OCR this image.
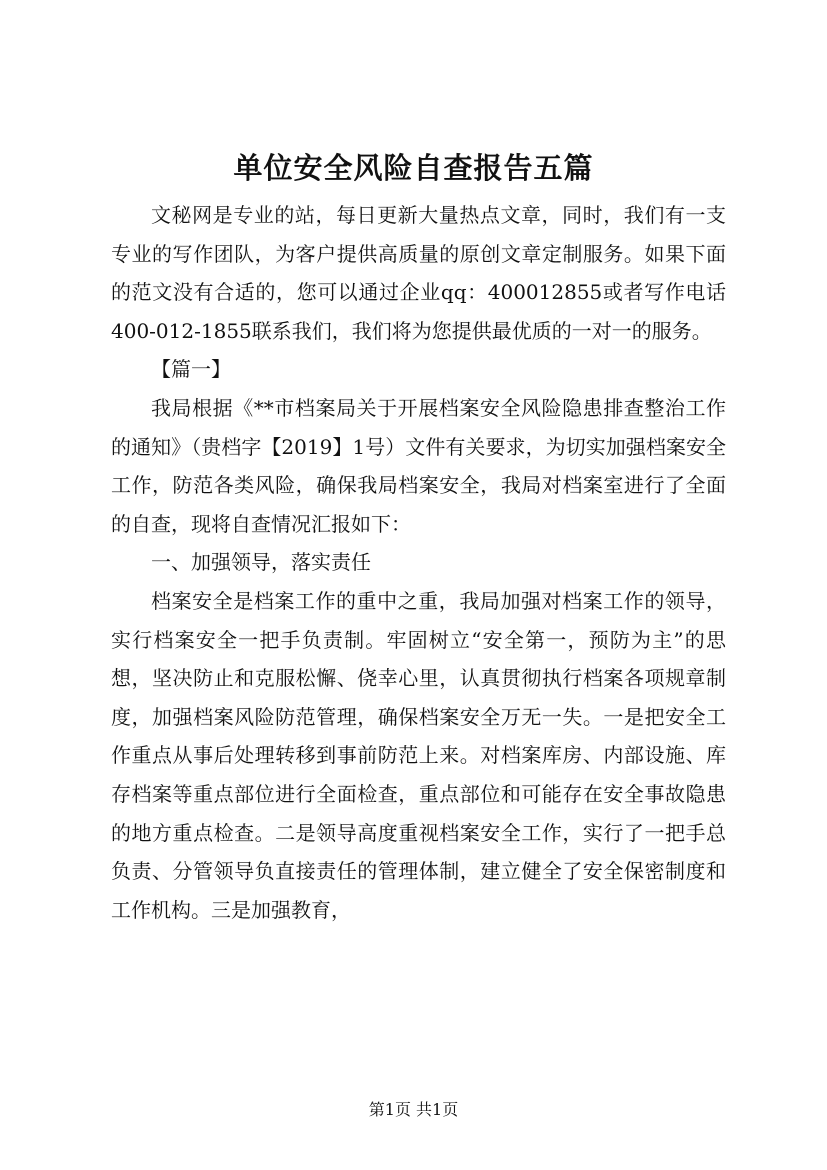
单位安全风险自查报告五篇

文秘网是专业的站，每日更新大量热点文章，同时，我们有一支专业的写作团队，为客户提供高质量的原创文章定制服务。如果下面的范文没有合适的，您可以通过企业qq：400012855或者写作电话400-012-1855联系我们，我们将为您提供最优质的一对一的服务。

【篇一】

我局根据《**市档案局关于开展档案安全风险隐患排查整治工作的通知》（贵档字【2019】1号）文件有关要求，为切实加强档案安全工作，防范各类风险，确保我局档案安全，我局对档案室进行了全面的自查，现将自查情况汇报如下：

一、加强领导，落实责任

档案安全是档案工作的重中之重，我局加强对档案工作的领导，实行档案安全一把手负责制。牢固树立“安全第一，预防为主”的思想，坚决防止和克服松懈、侥幸心里，认真贯彻执行档案各项规章制度，加强档案风险防范管理，确保档案安全万无一失。一是把安全工作重点从事后处理转移到事前防范上来。对档案库房、内部设施、库存档案等重点部位进行全面检查，重点部位和可能存在安全事故隐患的地方重点检查。二是领导高度重视档案安全工作，实行了一把手总负责、分管领导负直接责任的管理体制，建立健全了安全保密制度和工作机构。三是加强教育，

第1页 共1页
